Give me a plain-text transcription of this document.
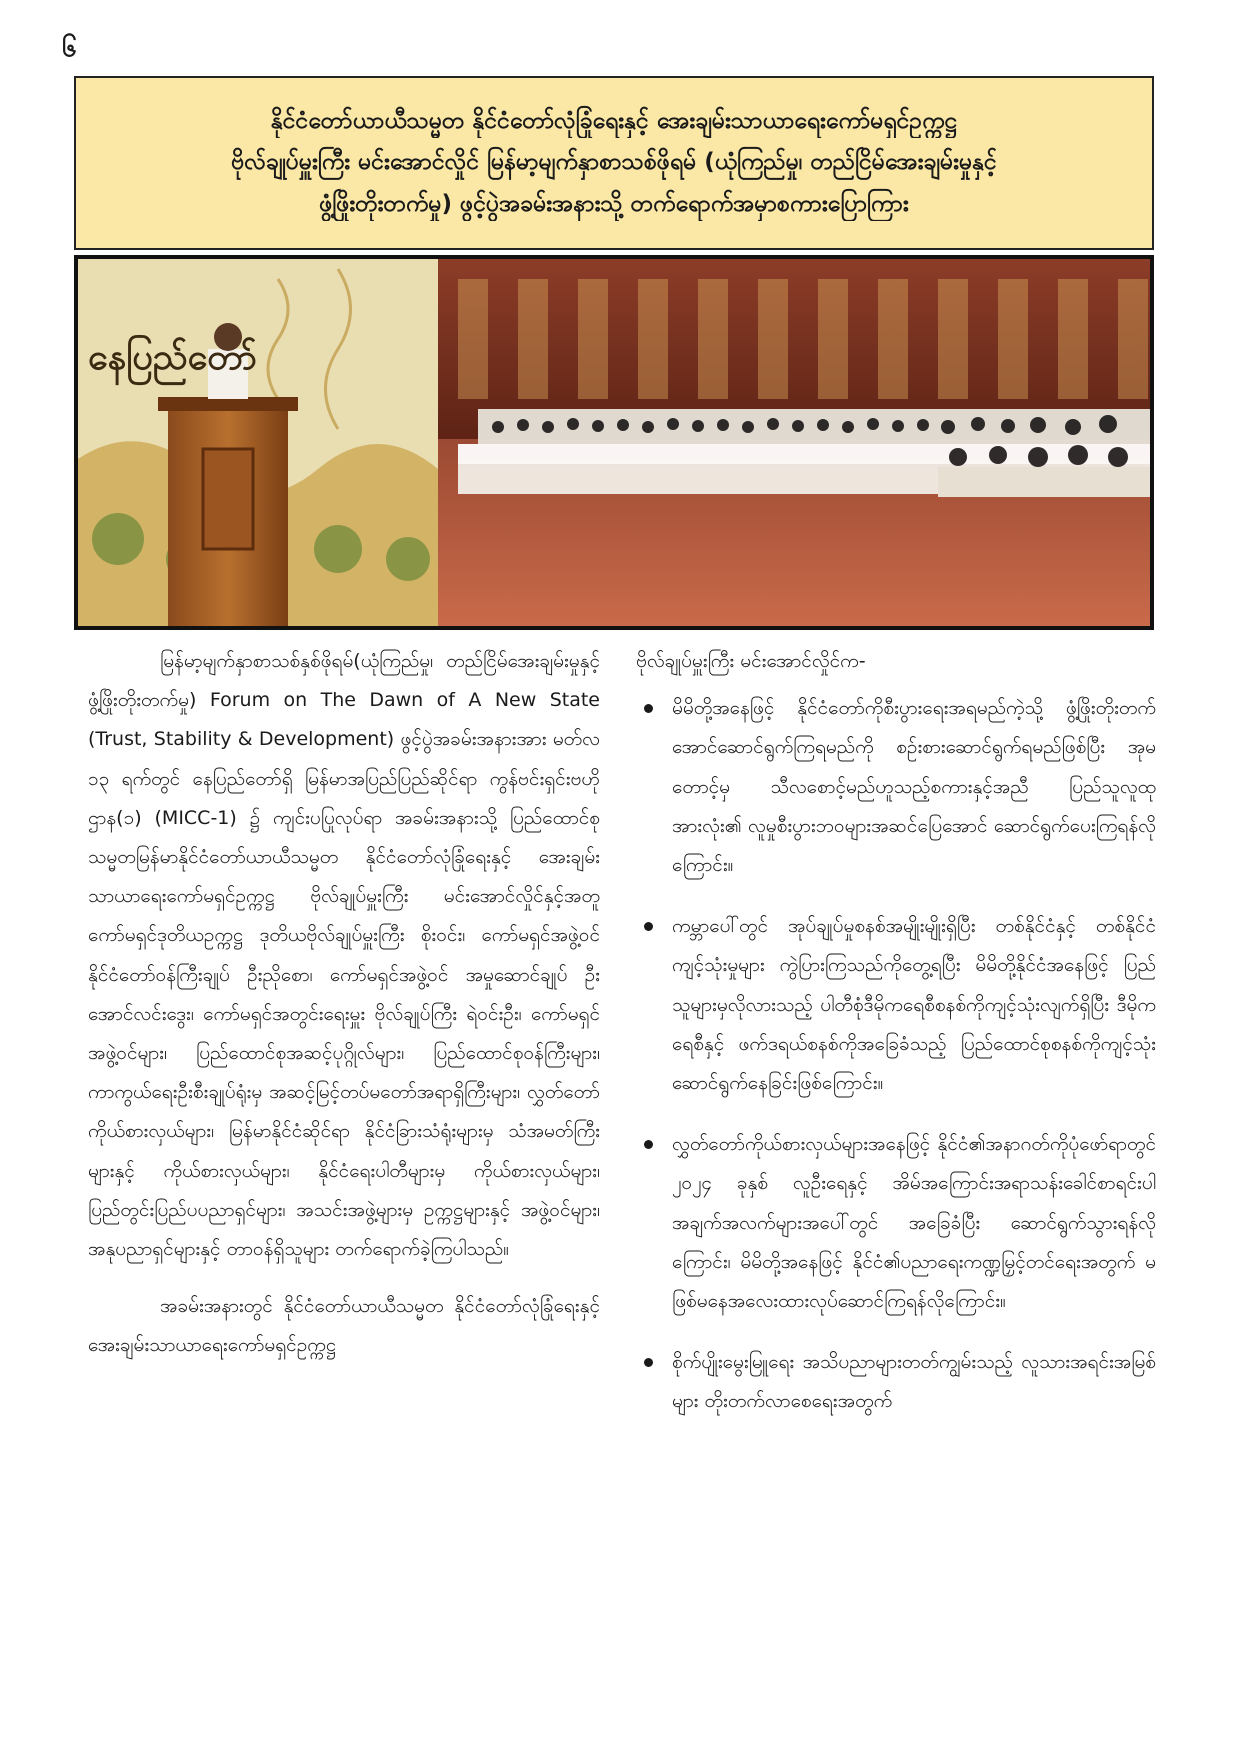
၆
နိုင်ငံတော်ယာယီသမ္မတ နိုင်ငံတော်လုံခြုံရေးနှင့် အေးချမ်းသာယာရေးကော်မရှင်ဥက္ကဋ္ဌ
ဗိုလ်ချုပ်မှူးကြီး မင်းအောင်လှိုင် မြန်မာ့မျက်နှာစာသစ်ဖိုရမ် (ယုံကြည်မှု၊ တည်ငြိမ်အေးချမ်းမှုနှင့်
ဖွံ့ဖြိုးတိုးတက်မှု) ဖွင့်ပွဲအခမ်းအနားသို့ တက်ရောက်အမှာစကားပြောကြား
နေပြည်တော်

မြန်မာ့မျက်နှာစာသစ်နှစ်ဖိုရမ်(ယုံကြည်မှု၊ တည်ငြိမ်အေးချမ်းမှုနှင့် ဖွံ့ဖြိုးတိုးတက်မှု) Forum on The Dawn of A New State (Trust, Stability & Development) ဖွင့်ပွဲအခမ်းအနားအား မတ်လ ၁၃ ရက်တွင် နေပြည်တော်ရှိ မြန်မာအပြည်ပြည်ဆိုင်ရာ ကွန်ဗင်းရှင်းဗဟိုဌာန(၁) (MICC-1) ၌ ကျင်းပပြုလုပ်ရာ အခမ်းအနားသို့ ပြည်ထောင်စုသမ္မတမြန်မာနိုင်ငံတော်ယာယီသမ္မတ နိုင်ငံတော်လုံခြုံရေးနှင့် အေးချမ်းသာယာရေးကော်မရှင်ဥက္ကဋ္ဌ ဗိုလ်ချုပ်မှူးကြီး မင်းအောင်လှိုင်နှင့်အတူ ကော်မရှင်ဒုတိယဥက္ကဋ္ဌ ဒုတိယဗိုလ်ချုပ်မှူးကြီး စိုးဝင်း၊ ကော်မရှင်အဖွဲ့ဝင် နိုင်ငံတော်ဝန်ကြီးချုပ် ဦးညိုစော၊ ကော်မရှင်အဖွဲ့ဝင် အမှုဆောင်ချုပ် ဦးအောင်လင်းဒွေး၊ ကော်မရှင်အတွင်းရေးမှူး ဗိုလ်ချုပ်ကြီး ရဲဝင်းဦး၊ ကော်မရှင်အဖွဲ့ဝင်များ၊ ပြည်ထောင်စုအဆင့်ပုဂ္ဂိုလ်များ၊ ပြည်ထောင်စုဝန်ကြီးများ၊ ကာကွယ်ရေးဦးစီးချုပ်ရုံးမှ အဆင့်မြင့်တပ်မတော်အရာရှိကြီးများ၊ လွှတ်တော်ကိုယ်စားလှယ်များ၊ မြန်မာနိုင်ငံဆိုင်ရာ နိုင်ငံခြားသံရုံးများမှ သံအမတ်ကြီးများနှင့် ကိုယ်စားလှယ်များ၊ နိုင်ငံရေးပါတီများမှ ကိုယ်စားလှယ်များ၊ ပြည်တွင်းပြည်ပပညာရှင်များ၊ အသင်းအဖွဲ့များမှ ဥက္ကဋ္ဌများနှင့် အဖွဲ့ဝင်များ၊ အနုပညာရှင်များနှင့် တာဝန်ရှိသူများ တက်ရောက်ခဲ့ကြပါသည်။

အခမ်းအနားတွင် နိုင်ငံတော်ယာယီသမ္မတ နိုင်ငံတော်လုံခြုံရေးနှင့် အေးချမ်းသာယာရေးကော်မရှင်ဥက္ကဋ္ဌ

ဗိုလ်ချုပ်မှူးကြီး မင်းအောင်လှိုင်က-

မိမိတို့အနေဖြင့် နိုင်ငံတော်ကိုစီးပွားရေးအရမည်ကဲ့သို့ ဖွံ့ဖြိုးတိုးတက်အောင်ဆောင်ရွက်ကြရမည်ကို စဉ်းစားဆောင်ရွက်ရမည်ဖြစ်ပြီး အုမတောင့်မှ သီလစောင့်မည်ဟူသည့်စကားနှင့်အညီ ပြည်သူလူထုအားလုံး၏ လူမှုစီးပွားဘဝများအဆင်ပြေအောင် ဆောင်ရွက်ပေးကြရန်လိုကြောင်း။
ကမ္ဘာပေါ်တွင် အုပ်ချုပ်မှုစနစ်အမျိုးမျိုးရှိပြီး တစ်နိုင်ငံနှင့် တစ်နိုင်ငံကျင့်သုံးမှုများ ကွဲပြားကြသည်ကိုတွေ့ရပြီး မိမိတို့နိုင်ငံအနေဖြင့် ပြည်သူများမှလိုလားသည့် ပါတီစုံဒီမိုကရေစီစနစ်ကိုကျင့်သုံးလျက်ရှိပြီး ဒီမိုကရေစီနှင့် ဖက်ဒရယ်စနစ်ကိုအခြေခံသည့် ပြည်ထောင်စုစနစ်ကိုကျင့်သုံးဆောင်ရွက်နေခြင်းဖြစ်ကြောင်း။
လွှတ်တော်ကိုယ်စားလှယ်များအနေဖြင့် နိုင်ငံ၏အနာဂတ်ကိုပုံဖော်ရာတွင် ၂၀၂၄ ခုနှစ် လူဦးရေနှင့် အိမ်အကြောင်းအရာသန်းခေါင်စာရင်းပါ အချက်အလက်များအပေါ်တွင် အခြေခံပြီး ဆောင်ရွက်သွားရန်လိုကြောင်း၊ မိမိတို့အနေဖြင့် နိုင်ငံ၏ပညာရေးကဏ္ဍမြှင့်တင်ရေးအတွက် မဖြစ်မနေအလေးထားလုပ်ဆောင်ကြရန်လိုကြောင်း။
စိုက်ပျိုးမွေးမြူရေး အသိပညာများတတ်ကျွမ်းသည့် လူသားအရင်းအမြစ်များ တိုးတက်လာစေရေးအတွက်
